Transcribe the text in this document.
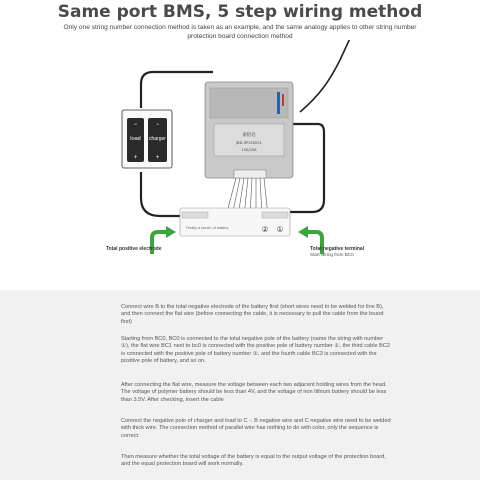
Same port BMS, 5 step wiring method
Only one string number connection method is taken as an example, and the same analogy applies to other string number protection board connection method
load charger
−	−
+	+
嘉佰达
JBD-SP15S001
15S/20A
② ①
Finally a bunch of battery
Total positive electrode	Total negative terminal
Start wiring from BC0
Connect wire B to the total negative electrode of the battery first (short wires need to be welded for line B), and then connect the flat wire (before connecting the cable, it is necessary to pull the cable from the board first)
Starting from BC0, BC0 is connected to the total negative pole of the battery (name the string with number ①), the flat wire BC1 next to bc0 is connected with the positive pole of battery number ①, the third cable BC2 is connected with the positive pole of battery number ②, and the fourth cable BC3 is connected with the positive pole of battery, and so on.
After connecting the flat wire, measure the voltage between each two adjacent holding wires from the head. The voltage of polymer battery should be less than 4V, and the voltage of iron lithium battery should be less than 3.5V. After checking, insert the cable
Connect the negative pole of charger and load to C -. B negative wire and C negative wire need to be welded with thick wire. The connection method of parallel wire has nothing to do with color, only the sequence is correct.
Then measure whether the total voltage of the battery is equal to the output voltage of the protection board, and the equal protection board will work normally.
